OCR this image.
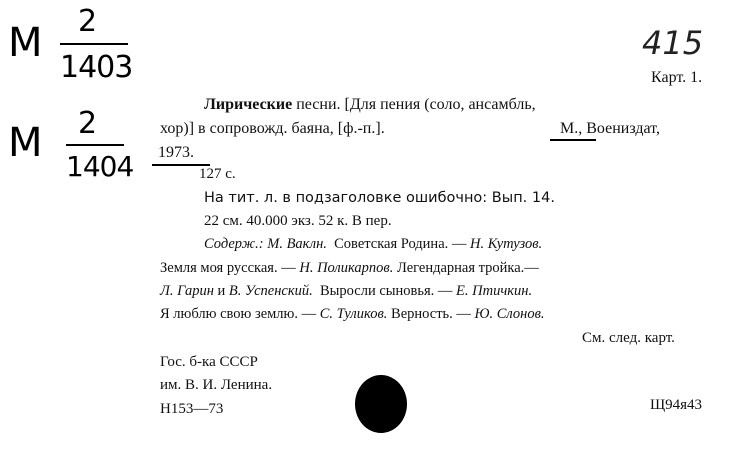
М 2
1403
М 2
1404
415
Карт. 1.
Лирические песни. [Для пения (соло, ансамбль,
хор)] в сопровожд. баяна, [ф.-п.].	М., Воениздат,
1973.
127 с.
На тит. л. в подзаголовке ошибочно: Вып. 14.
22 см. 40.000 экз. 52 к. В пер.
Содерж.: М. Ваклн. Советская Родина. — Н. Кутузов.
Земля моя русская. — Н. Поликарпов. Легендарная тройка.—
Л. Гарин и В. Успенский. Выросли сыновья. — Е. Птичкин.
Я люблю свою землю. — С. Туликов. Верность. — Ю. Слонов.
См. след. карт.
Гос. б-ка СССР
им. В. И. Ленина.
Н153—73	Щ94я43
